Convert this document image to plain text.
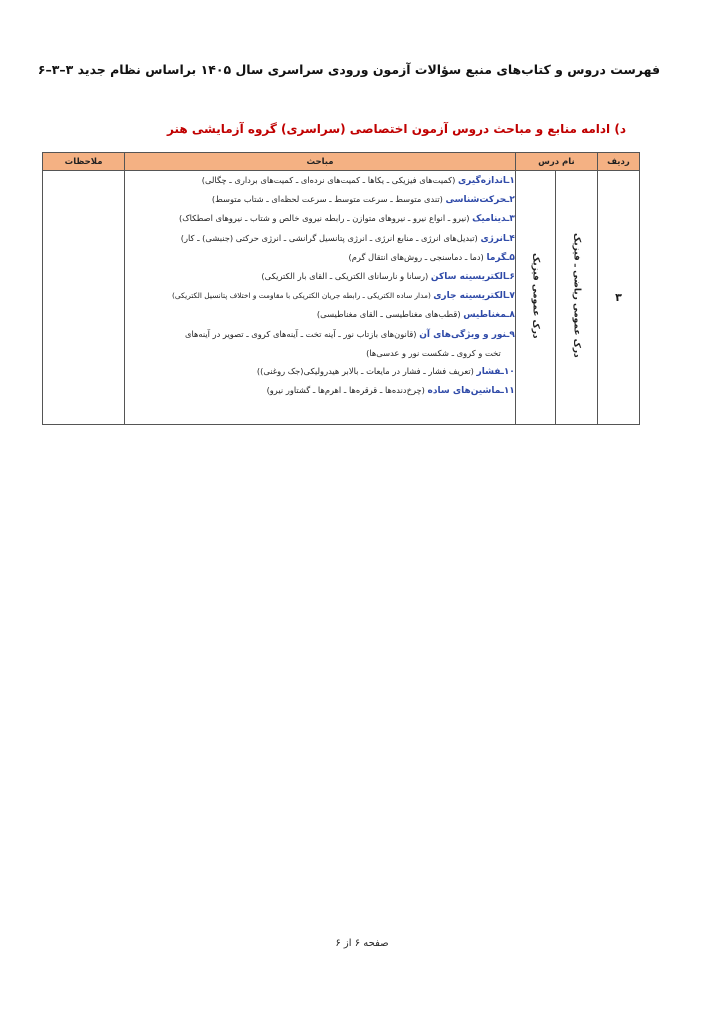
فهرست دروس و کتاب‌های منبع سؤالات آزمون ورودی سراسری سال ۱۴۰۵ براساس نظام جدید ۳–۳–۶
د) ادامه منابع و مباحث دروس آزمون اختصاصی (سراسری) گروه آزمایشی هنر
ردیف	نام درس		مباحث	ملاحظات
۳	درک عمومی ریاضی ـ فیزیک	درک عمومی فیزیک	
۱ـاندازه‌گیری (کمیت‌های فیزیکی ـ یکاها ـ کمیت‌های نرده‌ای ـ کمیت‌های برداری ـ چگالی)
۲ـحرکت‌شناسی (تندی متوسط ـ سرعت متوسط ـ سرعت لحظه‌ای ـ شتاب متوسط)
۳ـدینامیک (نیرو ـ انواع نیرو ـ نیروهای متوازن ـ رابطه نیروی خالص و شتاب ـ نیروهای اصطکاک)
۴ـانرژی (تبدیل‌های انرژی ـ منابع انرژی ـ انرژی پتانسیل گرانشی ـ انرژی حرکتی (جنبشی) ـ کار)
۵ـگرما (دما ـ دماسنجی ـ روش‌های انتقال گرم)
۶ـالکتریسیته ساکن (رسانا و نارسانای الکتریکی ـ القای بار الکتریکی)
۷ـالکتریسیته جاری (مدار ساده الکتریکی ـ رابطه جریان الکتریکی با مقاومت و اختلاف پتانسیل الکتریکی)
۸ـمغناطیس (قطب‌های مغناطیسی ـ القای مغناطیسی)
۹ـنور و ویژگی‌های آن (قانون‌های بازتاب نور ـ آینه تخت ـ آینه‌های کروی ـ تصویر در آینه‌های
تخت و کروی ـ شکست نور و عدسی‌ها)
۱۰ـفشار (تعریف فشار ـ فشار در مایعات ـ بالابر هیدرولیکی(جک روغنی))
۱۱ـماشین‌های ساده (چرخ‌دنده‌ها ـ قرقره‌ها ـ اهرم‌ها ـ گشتاور نیرو)

صفحه ۶ از ۶
